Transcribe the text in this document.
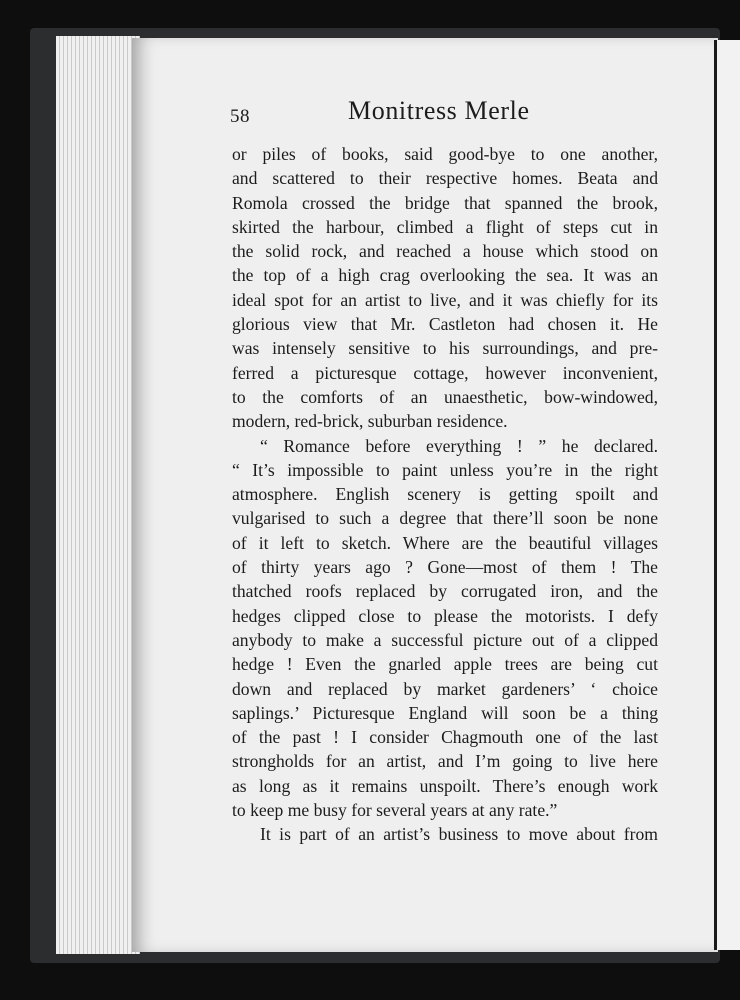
58	Monitress Merle
or piles of books, said good-bye to one another,
and scattered to their respective homes. Beata and
Romola crossed the bridge that spanned the brook,
skirted the harbour, climbed a flight of steps cut in
the solid rock, and reached a house which stood on
the top of a high crag overlooking the sea. It was an
ideal spot for an artist to live, and it was chiefly for its
glorious view that Mr. Castleton had chosen it. He
was intensely sensitive to his surroundings, and pre-
ferred a picturesque cottage, however inconvenient,
to the comforts of an unaesthetic, bow-windowed,
modern, red-brick, suburban residence.
“ Romance before everything ! ” he declared.
“ It’s impossible to paint unless you’re in the right
atmosphere. English scenery is getting spoilt and
vulgarised to such a degree that there’ll soon be none
of it left to sketch. Where are the beautiful villages
of thirty years ago ? Gone—most of them ! The
thatched roofs replaced by corrugated iron, and the
hedges clipped close to please the motorists. I defy
anybody to make a successful picture out of a clipped
hedge ! Even the gnarled apple trees are being cut
down and replaced by market gardeners’ ‘ choice
saplings.’ Picturesque England will soon be a thing
of the past ! I consider Chagmouth one of the last
strongholds for an artist, and I’m going to live here
as long as it remains unspoilt. There’s enough work
to keep me busy for several years at any rate.”
It is part of an artist’s business to move about from
